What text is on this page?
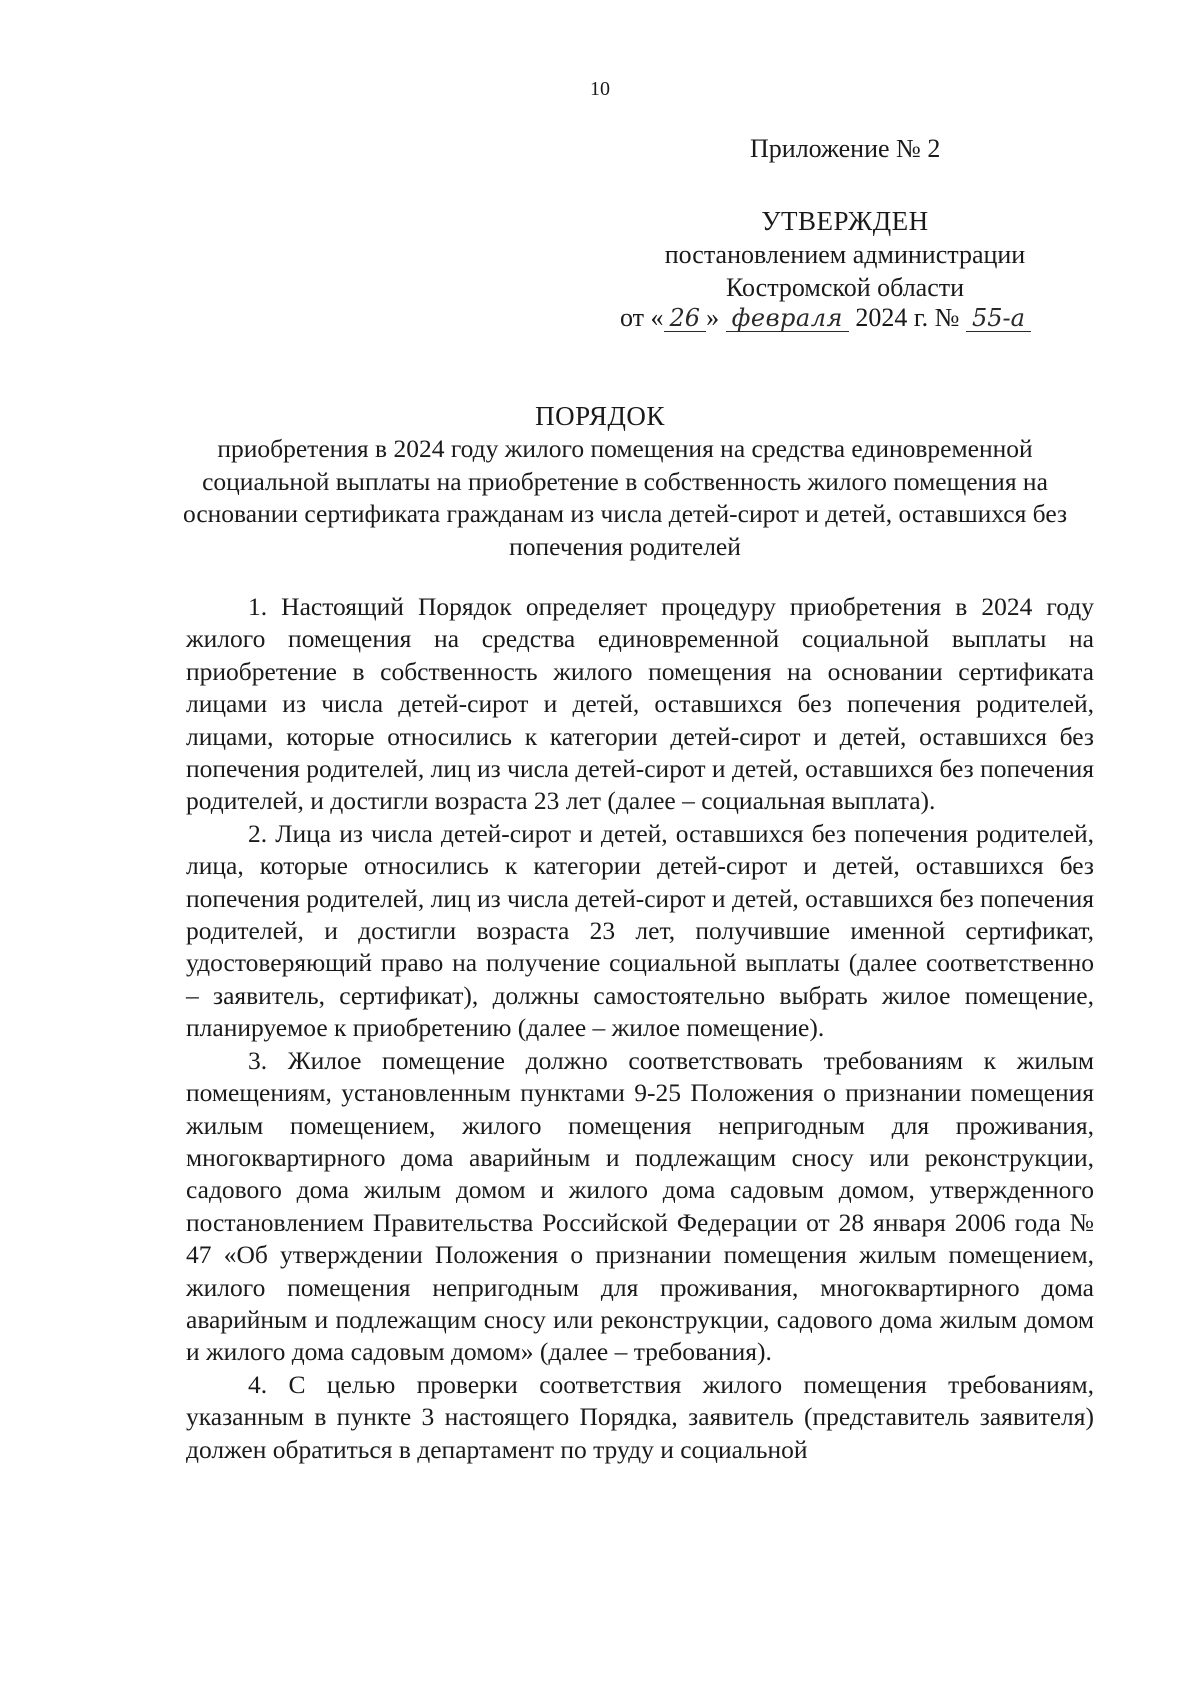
10
Приложение № 2
УТВЕРЖДЕН
постановлением администрации
Костромской области
от « 26 » февраля 2024 г. № 55-а
ПОРЯДОК
приобретения в 2024 году жилого помещения на средства единовременной социальной выплаты на приобретение в собственность жилого помещения на основании сертификата гражданам из числа детей-сирот и детей, оставшихся без попечения родителей

1. Настоящий Порядок определяет процедуру приобретения в 2024 году жилого помещения на средства единовременной социальной выплаты на приобретение в собственность жилого помещения на основании сертификата лицами из числа детей-сирот и детей, оставшихся без попечения родителей, лицами, которые относились к категории детей-сирот и детей, оставшихся без попечения родителей, лиц из числа детей-сирот и детей, оставшихся без попечения родителей, и достигли возраста 23 лет (далее – социальная выплата).

2. Лица из числа детей-сирот и детей, оставшихся без попечения родителей, лица, которые относились к категории детей-сирот и детей, оставшихся без попечения родителей, лиц из числа детей-сирот и детей, оставшихся без попечения родителей, и достигли возраста 23 лет, получившие именной сертификат, удостоверяющий право на получение социальной выплаты (далее соответственно – заявитель, сертификат), должны самостоятельно выбрать жилое помещение, планируемое к приобретению (далее – жилое помещение).

3. Жилое помещение должно соответствовать требованиям к жилым помещениям, установленным пунктами 9-25 Положения о признании помещения жилым помещением, жилого помещения непригодным для проживания, многоквартирного дома аварийным и подлежащим сносу или реконструкции, садового дома жилым домом и жилого дома садовым домом, утвержденного постановлением Правительства Российской Федерации от 28 января 2006 года № 47 «Об утверждении Положения о признании помещения жилым помещением, жилого помещения непригодным для проживания, многоквартирного дома аварийным и подлежащим сносу или реконструкции, садового дома жилым домом и жилого дома садовым домом» (далее – требования).

4. С целью проверки соответствия жилого помещения требованиям, указанным в пункте 3 настоящего Порядка, заявитель (представитель заявителя) должен обратиться в департамент по труду и социальной
